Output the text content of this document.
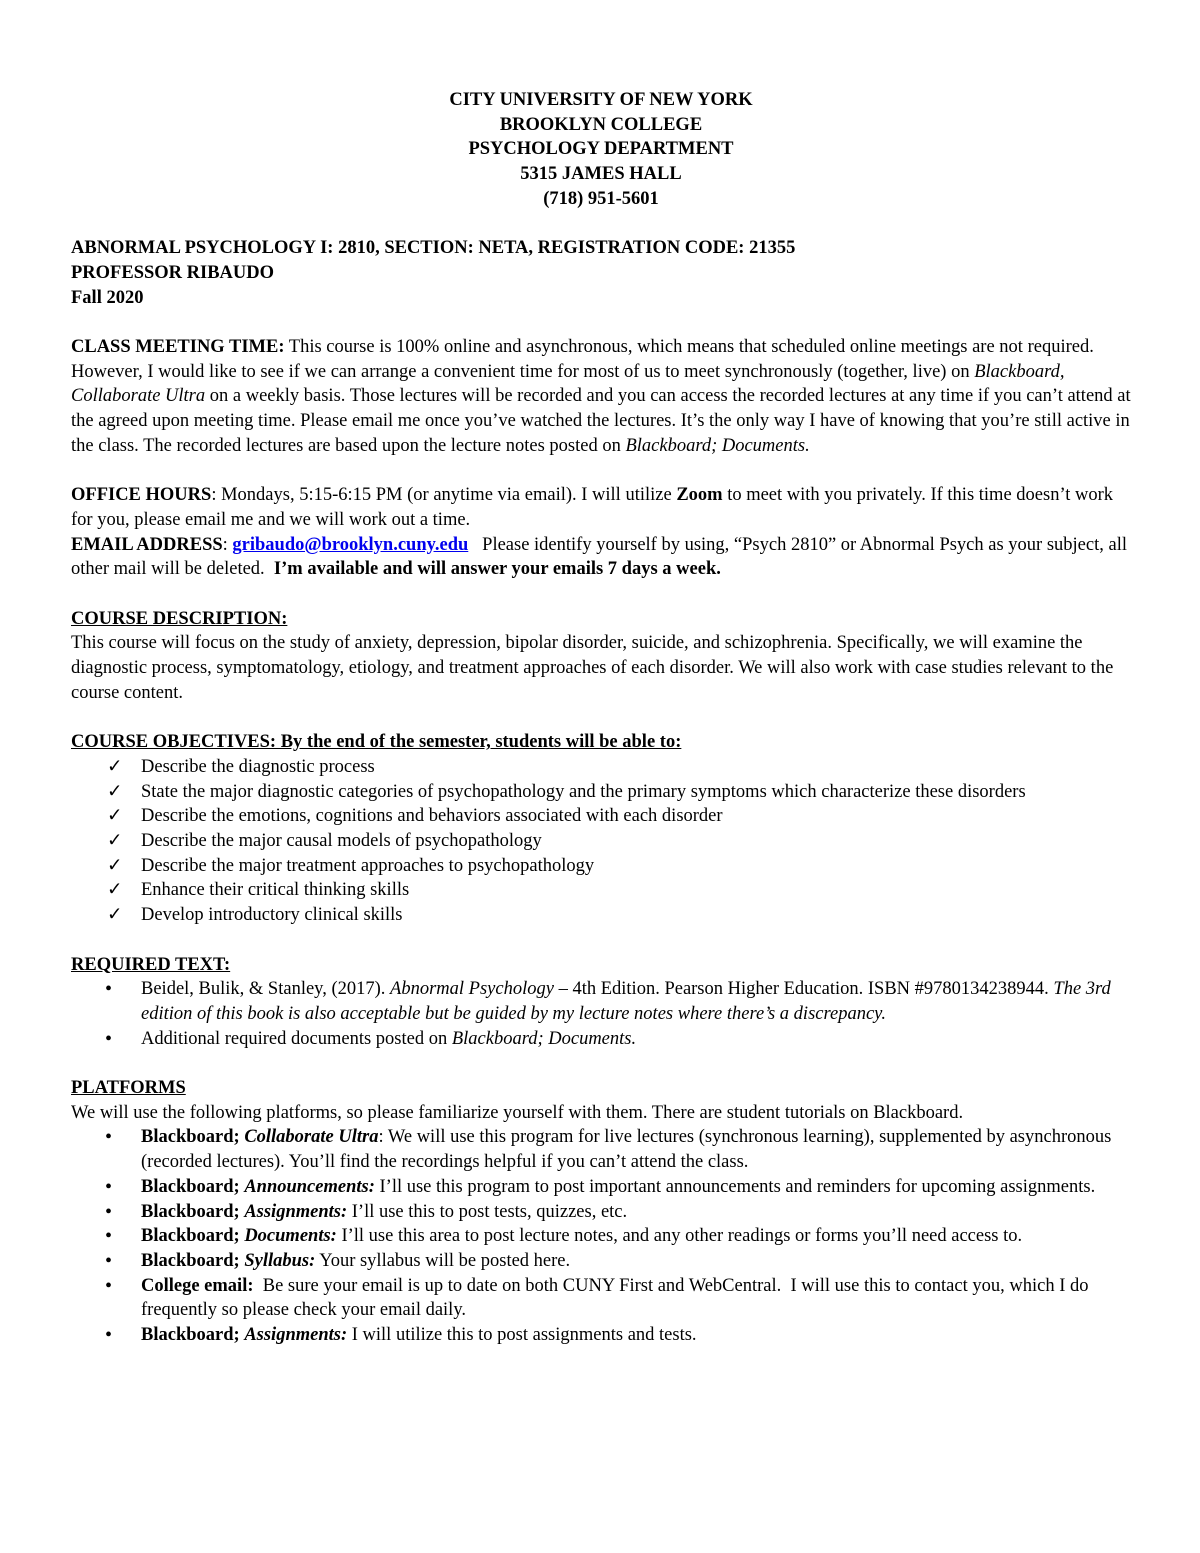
CITY UNIVERSITY OF NEW YORK
BROOKLYN COLLEGE
PSYCHOLOGY DEPARTMENT
5315 JAMES HALL
(718) 951-5601
ABNORMAL PSYCHOLOGY I: 2810, SECTION: NETA, REGISTRATION CODE: 21355
PROFESSOR RIBAUDO
Fall 2020

CLASS MEETING TIME: This course is 100% online and asynchronous, which means that scheduled online meetings are not required. However, I would like to see if we can arrange a convenient time for most of us to meet synchronously (together, live) on Blackboard, Collaborate Ultra on a weekly basis. Those lectures will be recorded and you can access the recorded lectures at any time if you can’t attend at the agreed upon meeting time. Please email me once you’ve watched the lectures. It’s the only way I have of knowing that you’re still active in the class. The recorded lectures are based upon the lecture notes posted on Blackboard; Documents.

OFFICE HOURS: Mondays, 5:15-6:15 PM (or anytime via email). I will utilize Zoom to meet with you privately. If this time doesn’t work for you, please email me and we will work out a time.

EMAIL ADDRESS: gribaudo@brooklyn.cuny.edu   Please identify yourself by using, “Psych 2810” or Abnormal Psych as your subject, all other mail will be deleted.  I’m available and will answer your emails 7 days a week.

COURSE DESCRIPTION:

This course will focus on the study of anxiety, depression, bipolar disorder, suicide, and schizophrenia. Specifically, we will examine the diagnostic process, symptomatology, etiology, and treatment approaches of each disorder. We will also work with case studies relevant to the course content.

COURSE OBJECTIVES: By the end of the semester, students will be able to:
✓ Describe the diagnostic process
✓ State the major diagnostic categories of psychopathology and the primary symptoms which characterize these disorders
✓ Describe the emotions, cognitions and behaviors associated with each disorder
✓ Describe the major causal models of psychopathology
✓ Describe the major treatment approaches to psychopathology
✓ Enhance their critical thinking skills
✓ Develop introductory clinical skills
REQUIRED TEXT:
• Beidel, Bulik, & Stanley, (2017). Abnormal Psychology – 4th Edition. Pearson Higher Education. ISBN #9780134238944. The 3rd edition of this book is also acceptable but be guided by my lecture notes where there’s a discrepancy.
• Additional required documents posted on Blackboard; Documents.
PLATFORMS

We will use the following platforms, so please familiarize yourself with them. There are student tutorials on Blackboard.

• Blackboard; Collaborate Ultra: We will use this program for live lectures (synchronous learning), supplemented by asynchronous (recorded lectures). You’ll find the recordings helpful if you can’t attend the class.
• Blackboard; Announcements: I’ll use this program to post important announcements and reminders for upcoming assignments.
• Blackboard; Assignments: I’ll use this to post tests, quizzes, etc.
• Blackboard; Documents: I’ll use this area to post lecture notes, and any other readings or forms you’ll need access to.
• Blackboard; Syllabus: Your syllabus will be posted here.
• College email:  Be sure your email is up to date on both CUNY First and WebCentral.  I will use this to contact you, which I do frequently so please check your email daily.
• Blackboard; Assignments: I will utilize this to post assignments and tests.
